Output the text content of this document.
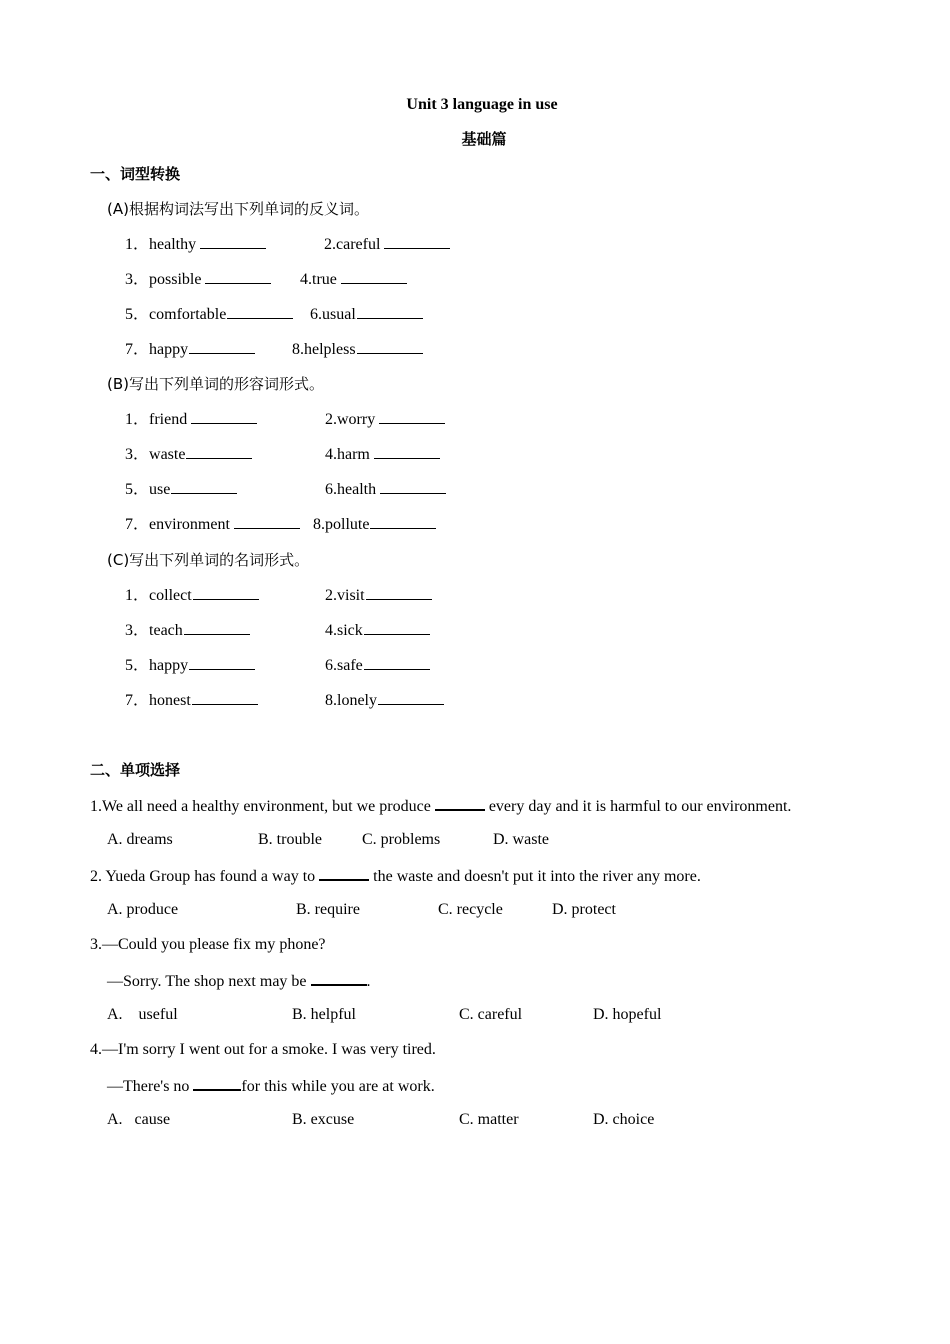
Unit 3 language in use
基础篇
一、词型转换
(A)根据构词法写出下列单词的反义词。
1．healthy	2.careful
3．possible	4.true
5．comfortable	6.usual
7．happy	8.helpless
(B)写出下列单词的形容词形式。
1．friend	2.worry
3．waste	4.harm
5．use	6.health
7．environment	8.pollute
(C)写出下列单词的名词形式。
1．collect	2.visit
3．teach	4.sick
5．happy	6.safe
7．honest	8.lonely
二、单项选择
1.We all need a healthy environment, but we produce	every day and it is harmful to our environment.
A. dreams	B. trouble	C. problems	D. waste
2. Yueda Group has found a way to	the waste and doesn't put it into the river any more.
A. produce	B. require	C. recycle	D. protect
3.—Could you please fix my phone?
—Sorry. The shop next may be	.
A.    useful	B. helpful	C. careful	D. hopeful
4.—I'm sorry I went out for a smoke. I was very tired.
—There's no	for this while you are at work.
A.   cause	B. excuse	C. matter	D. choice
